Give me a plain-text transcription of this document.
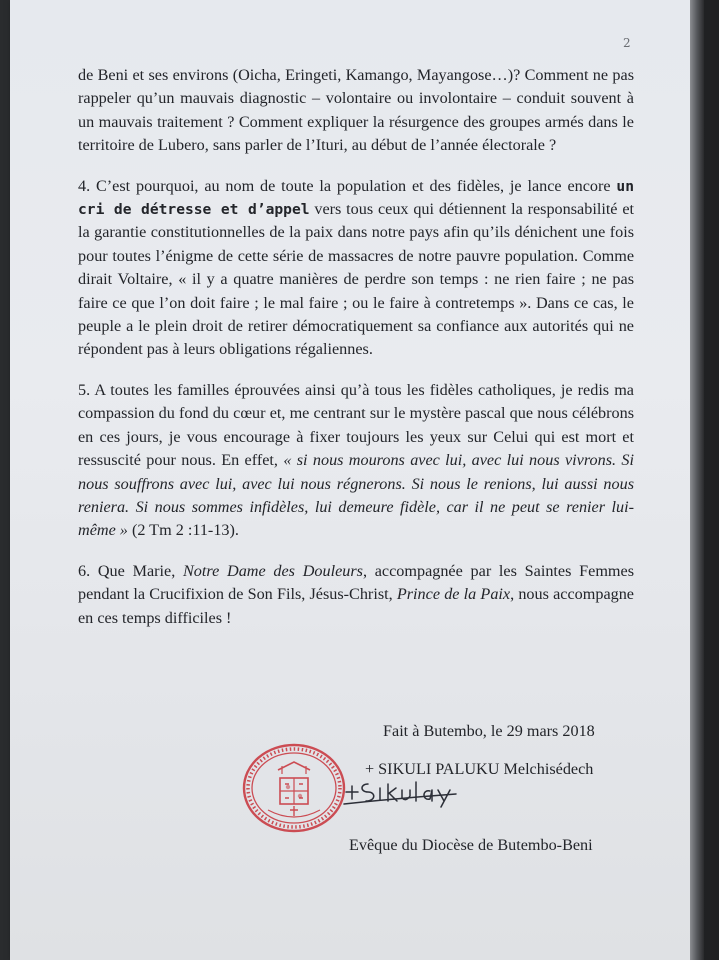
2

de Beni et ses environs (Oicha, Eringeti, Kamango, Mayangose…)? Comment ne pas rappeler qu’un mauvais diagnostic – volontaire ou involontaire – conduit souvent à un mauvais traitement ? Comment expliquer la résurgence des groupes armés dans le territoire de Lubero, sans parler de l’Ituri, au début de l’année électorale ?

4. C’est pourquoi, au nom de toute la population et des fidèles, je lance encore un cri de détresse et d’appel vers tous ceux qui détiennent la responsabilité et la garantie constitutionnelles de la paix dans notre pays afin qu’ils dénichent une fois pour toutes l’énigme de cette série de massacres de notre pauvre population. Comme dirait Voltaire, « il y a quatre manières de perdre son temps : ne rien faire ; ne pas faire ce que l’on doit faire ; le mal faire ; ou le faire à contretemps ». Dans ce cas, le peuple a le plein droit de retirer démocratiquement sa confiance aux autorités qui ne répondent pas à leurs obligations régaliennes.

5. A toutes les familles éprouvées ainsi qu’à tous les fidèles catholiques, je redis ma compassion du fond du cœur et, me centrant sur le mystère pascal que nous célébrons en ces jours, je vous encourage à fixer toujours les yeux sur Celui qui est mort et ressuscité pour nous. En effet, « si nous mourons avec lui, avec lui nous vivrons. Si nous souffrons avec lui, avec lui nous régnerons. Si nous le renions, lui aussi nous reniera. Si nous sommes infidèles, lui demeure fidèle, car il ne peut se renier lui-même » (2 Tm 2 :11-13).

6. Que Marie, Notre Dame des Douleurs, accompagnée par les Saintes Femmes pendant la Crucifixion de Son Fils, Jésus-Christ, Prince de la Paix, nous accompagne en ces temps difficiles !

Fait à Butembo, le 29 mars 2018
+ SIKULI PALUKU Melchisédech
Evêque du Diocèse de Butembo-Beni
